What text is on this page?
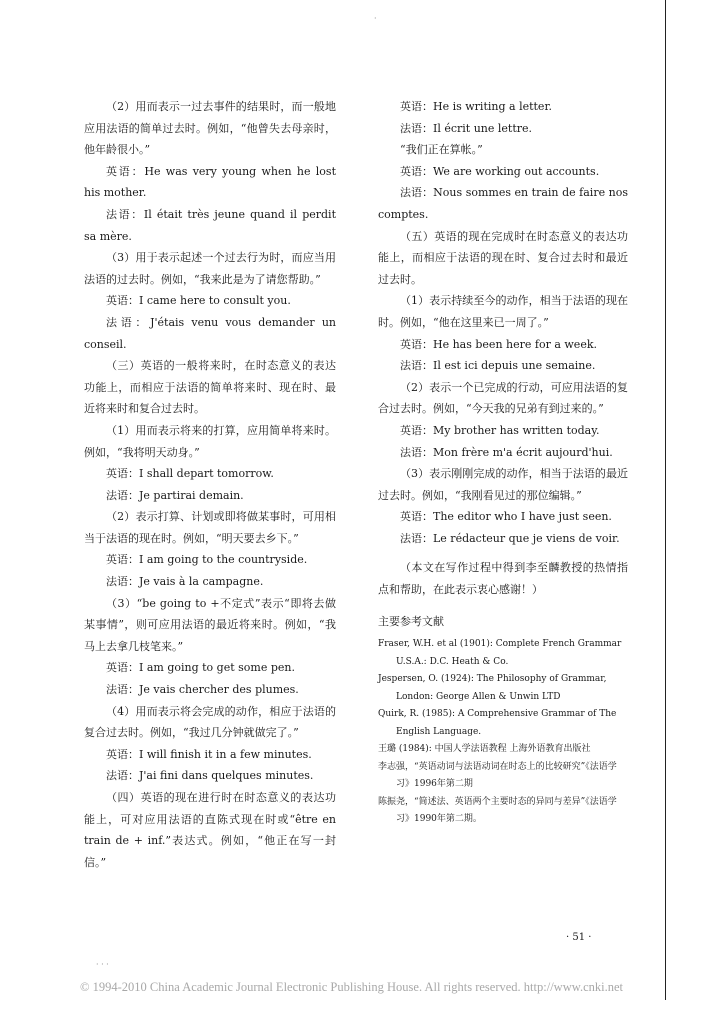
·
· · ·

（2）用而表示一过去事件的结果时，而一般地应用法语的简单过去时。例如，“他曾失去母亲时，他年龄很小。”

英语：He was very young when he lost his mother.

法语：Il était très jeune quand il perdit sa mère.

（3）用于表示起述一个过去行为时，而应当用法语的过去时。例如，“我来此是为了请您帮助。”

英语：I came here to consult you.

法语：J'étais venu vous demander un conseil.

（三）英语的一般将来时，在时态意义的表达功能上，而相应于法语的简单将来时、现在时、最近将来时和复合过去时。

（1）用而表示将来的打算，应用简单将来时。例如，“我将明天动身。”

英语：I shall depart tomorrow.

法语：Je partirai demain.

（2）表示打算、计划或即将做某事时，可用相当于法语的现在时。例如，“明天要去乡下。”

英语：I am going to the countryside.

法语：Je vais à la campagne.

（3）“be going to +不定式”表示“即将去做某事情”，则可应用法语的最近将来时。例如，“我马上去拿几枝笔来。”

英语：I am going to get some pen.

法语：Je vais chercher des plumes.

（4）用而表示将会完成的动作，相应于法语的复合过去时。例如，“我过几分钟就做完了。”

英语：I will finish it in a few minutes.

法语：J'ai fini dans quelques minutes.

（四）英语的现在进行时在时态意义的表达功能上，可对应用法语的直陈式现在时或“être en train de + inf.”表达式。例如，“他正在写一封信。”

英语：He is writing a letter.

法语：Il écrit une lettre.

“我们正在算帐。”

英语：We are working out accounts.

法语：Nous sommes en train de faire nos comptes.

（五）英语的现在完成时在时态意义的表达功能上，而相应于法语的现在时、复合过去时和最近过去时。

（1）表示持续至今的动作，相当于法语的现在时。例如，“他在这里来已一周了。”

英语：He has been here for a week.

法语：Il est ici depuis une semaine.

（2）表示一个已完成的行动，可应用法语的复合过去时。例如，“今天我的兄弟有到过来的。”

英语：My brother has written today.

法语：Mon frère m'a écrit aujourd'hui.

（3）表示刚刚完成的动作，相当于法语的最近过去时。例如，“我刚看见过的那位编辑。”

英语：The editor who I have just seen.

法语：Le rédacteur que je viens de voir.

（本文在写作过程中得到李至麟教授的热情指点和帮助，在此表示衷心感谢！）

主要参考文献

Fraser, W.H. et al (1901): Complete French Grammar U.S.A.: D.C. Heath & Co.
Jespersen, O. (1924): The Philosophy of Grammar, London: George Allen & Unwin LTD
Quirk, R. (1985): A Comprehensive Grammar of The English Language.
王璐 (1984): 中国人学法语教程 上海外语教育出版社
李志强，“英语动词与法语动词在时态上的比较研究”《法语学习》1996年第二期
陈振尧，“简述法、英语两个主要时态的异同与差异”《法语学习》1990年第二期。
· 51 ·
© 1994-2010 China Academic Journal Electronic Publishing House. All rights reserved. http://www.cnki.net
